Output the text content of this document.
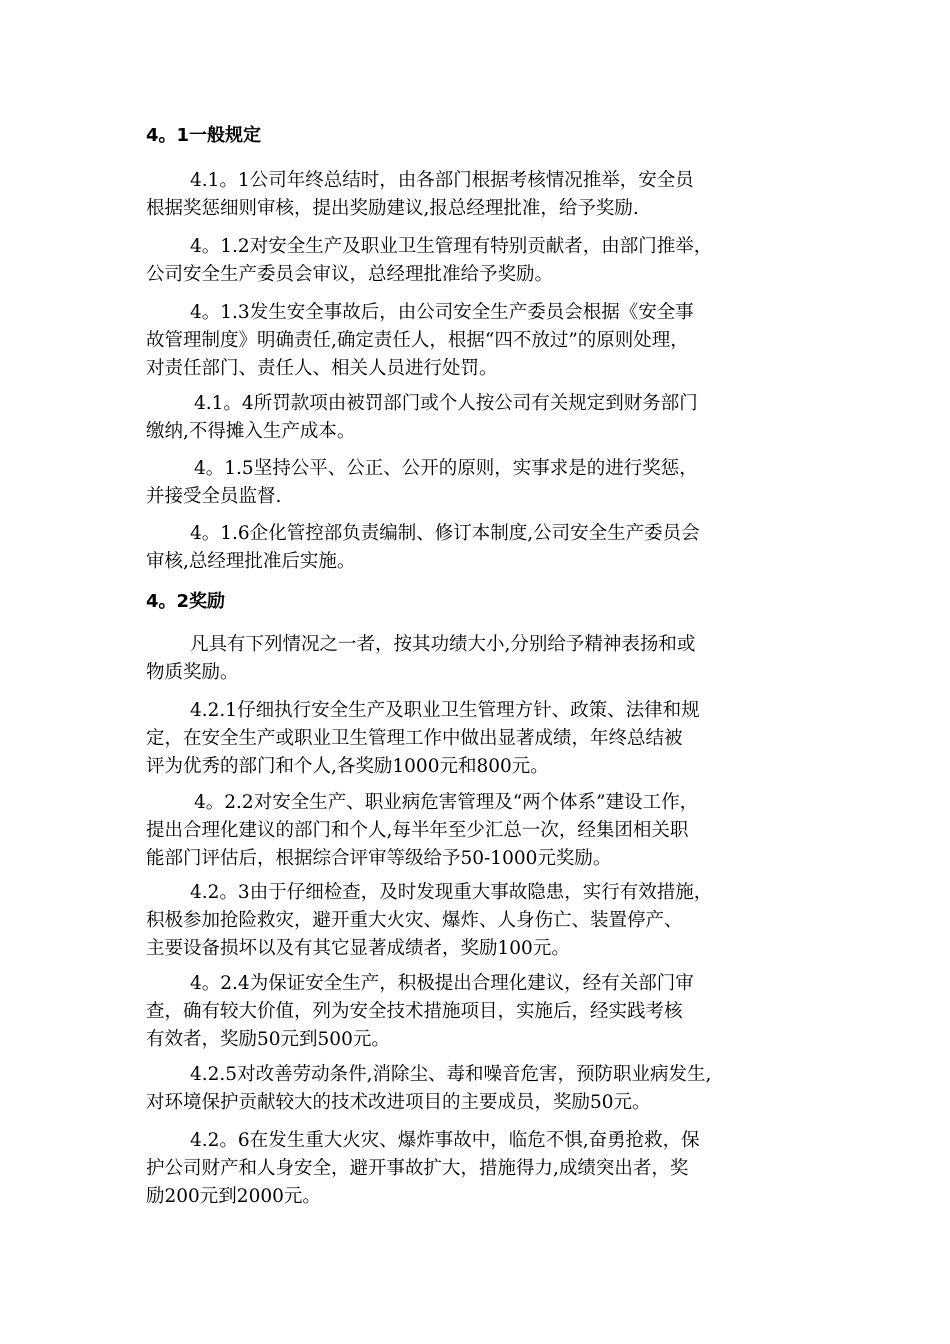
4。1一般规定
4.1。1公司年终总结时，由各部门根据考核情况推举，安全员
根据奖惩细则审核，提出奖励建议,报总经理批准，给予奖励.
4。1.2对安全生产及职业卫生管理有特别贡献者，由部门推举，
公司安全生产委员会审议，总经理批准给予奖励。
4。1.3发生安全事故后，由公司安全生产委员会根据《安全事
故管理制度》明确责任,确定责任人，根据“四不放过”的原则处理，
对责任部门、责任人、相关人员进行处罚。
4.1。4所罚款项由被罚部门或个人按公司有关规定到财务部门
缴纳,不得摊入生产成本。
4。1.5坚持公平、公正、公开的原则，实事求是的进行奖惩，
并接受全员监督.
4。1.6企化管控部负责编制、修订本制度,公司安全生产委员会
审核,总经理批准后实施。
4。2奖励
凡具有下列情况之一者，按其功绩大小,分别给予精神表扬和或
物质奖励。
4.2.1仔细执行安全生产及职业卫生管理方针、政策、法律和规
定，在安全生产或职业卫生管理工作中做出显著成绩，年终总结被
评为优秀的部门和个人,各奖励1000元和800元。
4。2.2对安全生产、职业病危害管理及“两个体系”建设工作，
提出合理化建议的部门和个人,每半年至少汇总一次，经集团相关职
能部门评估后，根据综合评审等级给予50-1000元奖励。
4.2。3由于仔细检查，及时发现重大事故隐患，实行有效措施，
积极参加抢险救灾，避开重大火灾、爆炸、人身伤亡、装置停产、
主要设备损坏以及有其它显著成绩者，奖励100元。
4。2.4为保证安全生产，积极提出合理化建议，经有关部门审
查，确有较大价值，列为安全技术措施项目，实施后，经实践考核
有效者，奖励50元到500元。
4.2.5对改善劳动条件,消除尘、毒和噪音危害，预防职业病发生,
对环境保护贡献较大的技术改进项目的主要成员，奖励50元。
4.2。6在发生重大火灾、爆炸事故中，临危不惧,奋勇抢救，保
护公司财产和人身安全，避开事故扩大，措施得力,成绩突出者，奖
励200元到2000元。
